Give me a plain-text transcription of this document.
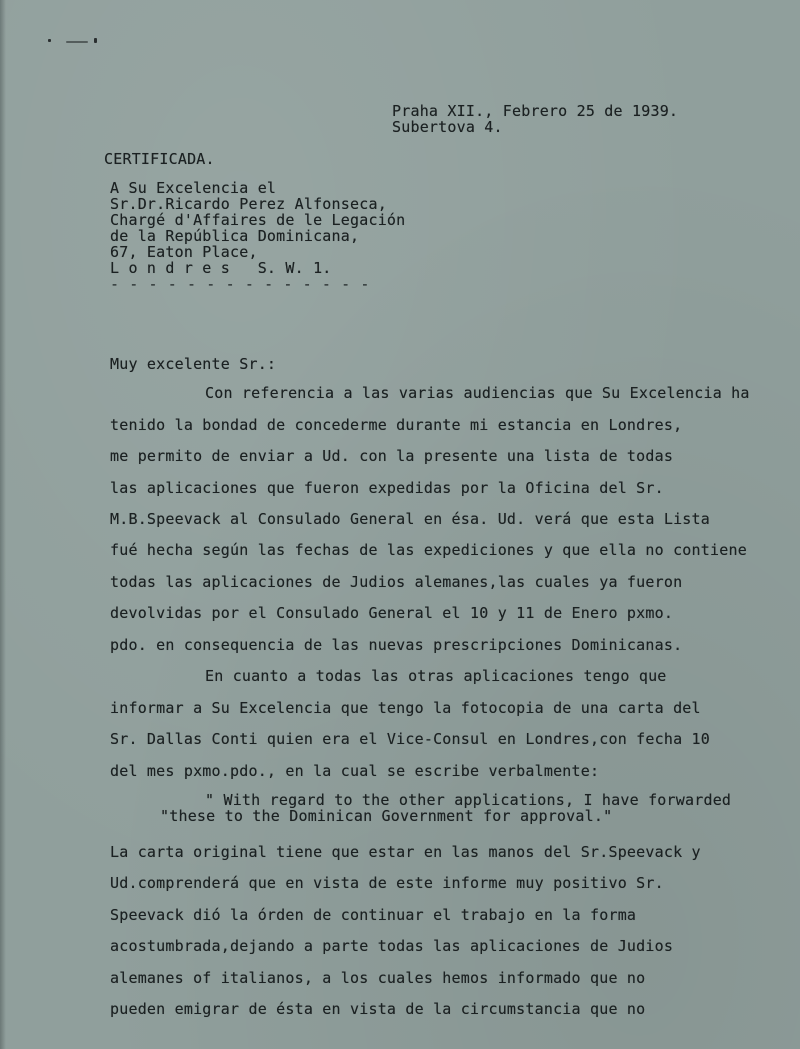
Praha XII., Febrero 25 de 1939.
Subertova 4.
CERTIFICADA.
A Su Excelencia el
Sr.Dr.Ricardo Perez Alfonseca,
Chargé d'Affaires de le Legación
de la República Dominicana,
67, Eaton Place,
L o n d r e s   S. W. 1.
- - - - - - - - - - - - - -
Muy excelente Sr.:
Con referencia a las varias audiencias que Su Excelencia ha
tenido la bondad de concederme durante mi estancia en Londres,
me permito de enviar a Ud. con la presente una lista de todas
las aplicaciones que fueron expedidas por la Oficina del Sr.
M.B.Speevack al Consulado General en ésa. Ud. verá que esta Lista
fué hecha según las fechas de las expediciones y que ella no contiene
todas las aplicaciones de Judios alemanes,las cuales ya fueron
devolvidas por el Consulado General el 10 y 11 de Enero pxmo.
pdo. en consequencia de las nuevas prescripciones Dominicanas.
En cuanto a todas las otras aplicaciones tengo que
informar a Su Excelencia que tengo la fotocopia de una carta del
Sr. Dallas Conti quien era el Vice-Consul en Londres,con fecha 10
del mes pxmo.pdo., en la cual se escribe verbalmente:
" With regard to the other applications, I have forwarded
"these to the Dominican Government for approval."
La carta original tiene que estar en las manos del Sr.Speevack y
Ud.comprenderá que en vista de este informe muy positivo Sr.
Speevack dió la órden de continuar el trabajo en la forma
acostumbrada,dejando a parte todas las aplicaciones de Judios
alemanes of italianos, a los cuales hemos informado que no
pueden emigrar de ésta en vista de la circumstancia que no
